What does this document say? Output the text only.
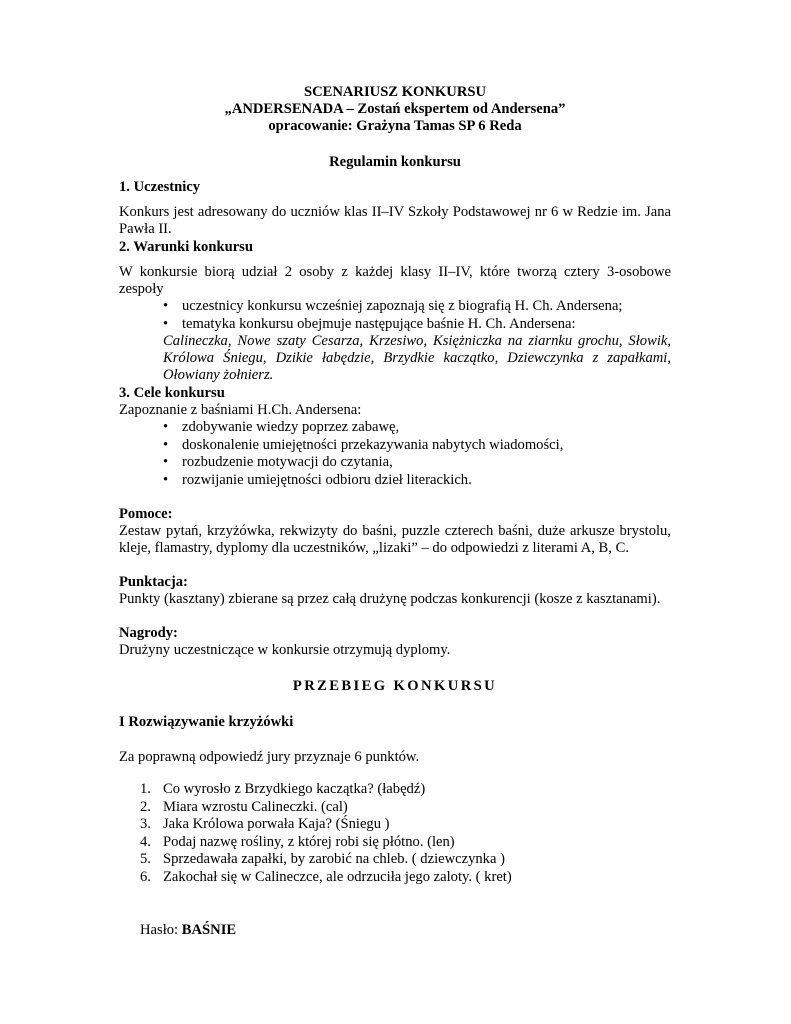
SCENARIUSZ KONKURSU
„ANDERSENADA – Zostań ekspertem od Andersena”
opracowanie: Grażyna Tamas SP 6 Reda
Regulamin konkursu
1. Uczestnicy

Konkurs jest adresowany do uczniów klas II–IV Szkoły Podstawowej nr 6 w Redzie im. Jana Pawła II.

2. Warunki konkursu

W konkursie biorą udział 2 osoby z każdej klasy II–IV, które tworzą cztery 3-osobowe zespoły

• uczestnicy konkursu wcześniej zapoznają się z biografią H. Ch. Andersena;
• tematyka konkursu obejmuje następujące baśnie H. Ch. Andersena:

Calineczka, Nowe szaty Cesarza, Krzesiwo, Księżniczka na ziarnku grochu, Słowik, Królowa Śniegu, Dzikie łabędzie, Brzydkie kaczątko, Dziewczynka z zapałkami, Ołowiany żołnierz.

3. Cele konkursu

Zapoznanie z baśniami H.Ch. Andersena:

• zdobywanie wiedzy poprzez zabawę,
• doskonalenie umiejętności przekazywania nabytych wiadomości,
• rozbudzenie motywacji do czytania,
• rozwijanie umiejętności odbioru dzieł literackich.
Pomoce:

Zestaw pytań, krzyżówka, rekwizyty do baśni, puzzle czterech baśni, duże arkusze brystolu, kleje, flamastry, dyplomy dla uczestników, „lizaki” – do odpowiedzi z literami A, B, C.

Punktacja:

Punkty (kasztany) zbierane są przez całą drużynę podczas konkurencji (kosze z kasztanami).

Nagrody:

Drużyny uczestniczące w konkursie otrzymują dyplomy.

PRZEBIEG KONKURSU
I Rozwiązywanie krzyżówki

Za poprawną odpowiedź jury przyznaje 6 punktów.

1. Co wyrosło z Brzydkiego kaczątka? (łabędź)
2. Miara wzrostu Calineczki. (cal)
3. Jaka Królowa porwała Kaja? (Śniegu )
4. Podaj nazwę rośliny, z której robi się płótno. (len)
5. Sprzedawała zapałki, by zarobić na chleb. ( dziewczynka )
6. Zakochał się w Calineczce, ale odrzuciła jego zaloty. ( kret)

Hasło: BAŚNIE
